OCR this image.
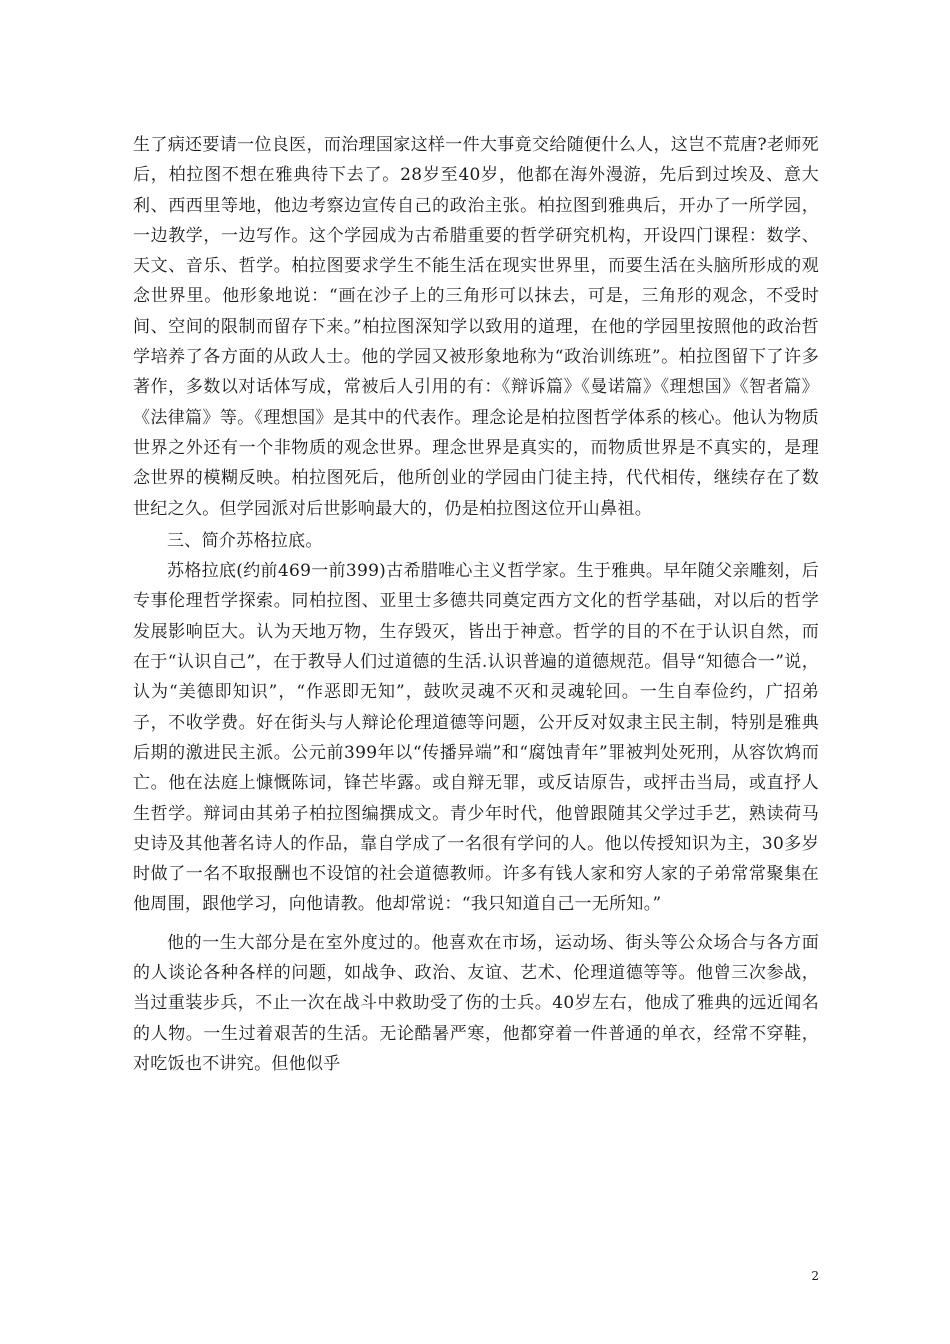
生了病还要请一位良医，而治理国家这样一件大事竟交给随便什么人，这岂不荒唐?老师死后，柏拉图不想在雅典待下去了。28岁至40岁，他都在海外漫游，先后到过埃及、意大利、西西里等地，他边考察边宣传自己的政治主张。柏拉图到雅典后，开办了一所学园，一边教学，一边写作。这个学园成为古希腊重要的哲学研究机构，开设四门课程：数学、天文、音乐、哲学。柏拉图要求学生不能生活在现实世界里，而要生活在头脑所形成的观念世界里。他形象地说：“画在沙子上的三角形可以抹去，可是，三角形的观念，不受时间、空间的限制而留存下来。”柏拉图深知学以致用的道理，在他的学园里按照他的政治哲学培养了各方面的从政人士。他的学园又被形象地称为“政治训练班”。柏拉图留下了许多著作，多数以对话体写成，常被后人引用的有：《辩诉篇》《曼诺篇》《理想国》《智者篇》《法律篇》等。《理想国》是其中的代表作。理念论是柏拉图哲学体系的核心。他认为物质世界之外还有一个非物质的观念世界。理念世界是真实的，而物质世界是不真实的，是理念世界的模糊反映。柏拉图死后，他所创业的学园由门徒主持，代代相传，继续存在了数世纪之久。但学园派对后世影响最大的，仍是柏拉图这位开山鼻祖。

三、简介苏格拉底。

苏格拉底(约前469一前399)古希腊唯心主义哲学家。生于雅典。早年随父亲雕刻，后专事伦理哲学探索。同柏拉图、亚里士多德共同奠定西方文化的哲学基础，对以后的哲学发展影响臣大。认为天地万物，生存毁灭，皆出于神意。哲学的目的不在于认识自然，而在于“认识自己”，在于教导人们过道德的生活.认识普遍的道德规范。倡导“知德合一”说，认为“美德即知识”，“作恶即无知”，鼓吹灵魂不灭和灵魂轮回。一生自奉俭约，广招弟子，不收学费。好在街头与人辩论伦理道德等问题，公开反对奴隶主民主制，特别是雅典后期的激进民主派。公元前399年以“传播异端”和“腐蚀青年”罪被判处死刑，从容饮鸩而亡。他在法庭上慷慨陈词，锋芒毕露。或自辩无罪，或反诘原告，或抨击当局，或直抒人生哲学。辩词由其弟子柏拉图编撰成文。青少年时代，他曾跟随其父学过手艺，熟读荷马史诗及其他著名诗人的作品，靠自学成了一名很有学问的人。他以传授知识为主，30多岁时做了一名不取报酬也不设馆的社会道德教师。许多有钱人家和穷人家的子弟常常聚集在他周围，跟他学习，向他请教。他却常说：“我只知道自己一无所知。”

他的一生大部分是在室外度过的。他喜欢在市场，运动场、街头等公众场合与各方面的人谈论各种各样的问题，如战争、政治、友谊、艺术、伦理道德等等。他曾三次参战，当过重装步兵，不止一次在战斗中救助受了伤的士兵。40岁左右，他成了雅典的远近闻名的人物。一生过着艰苦的生活。无论酷暑严寒，他都穿着一件普通的单衣，经常不穿鞋，对吃饭也不讲究。但他似乎

2
